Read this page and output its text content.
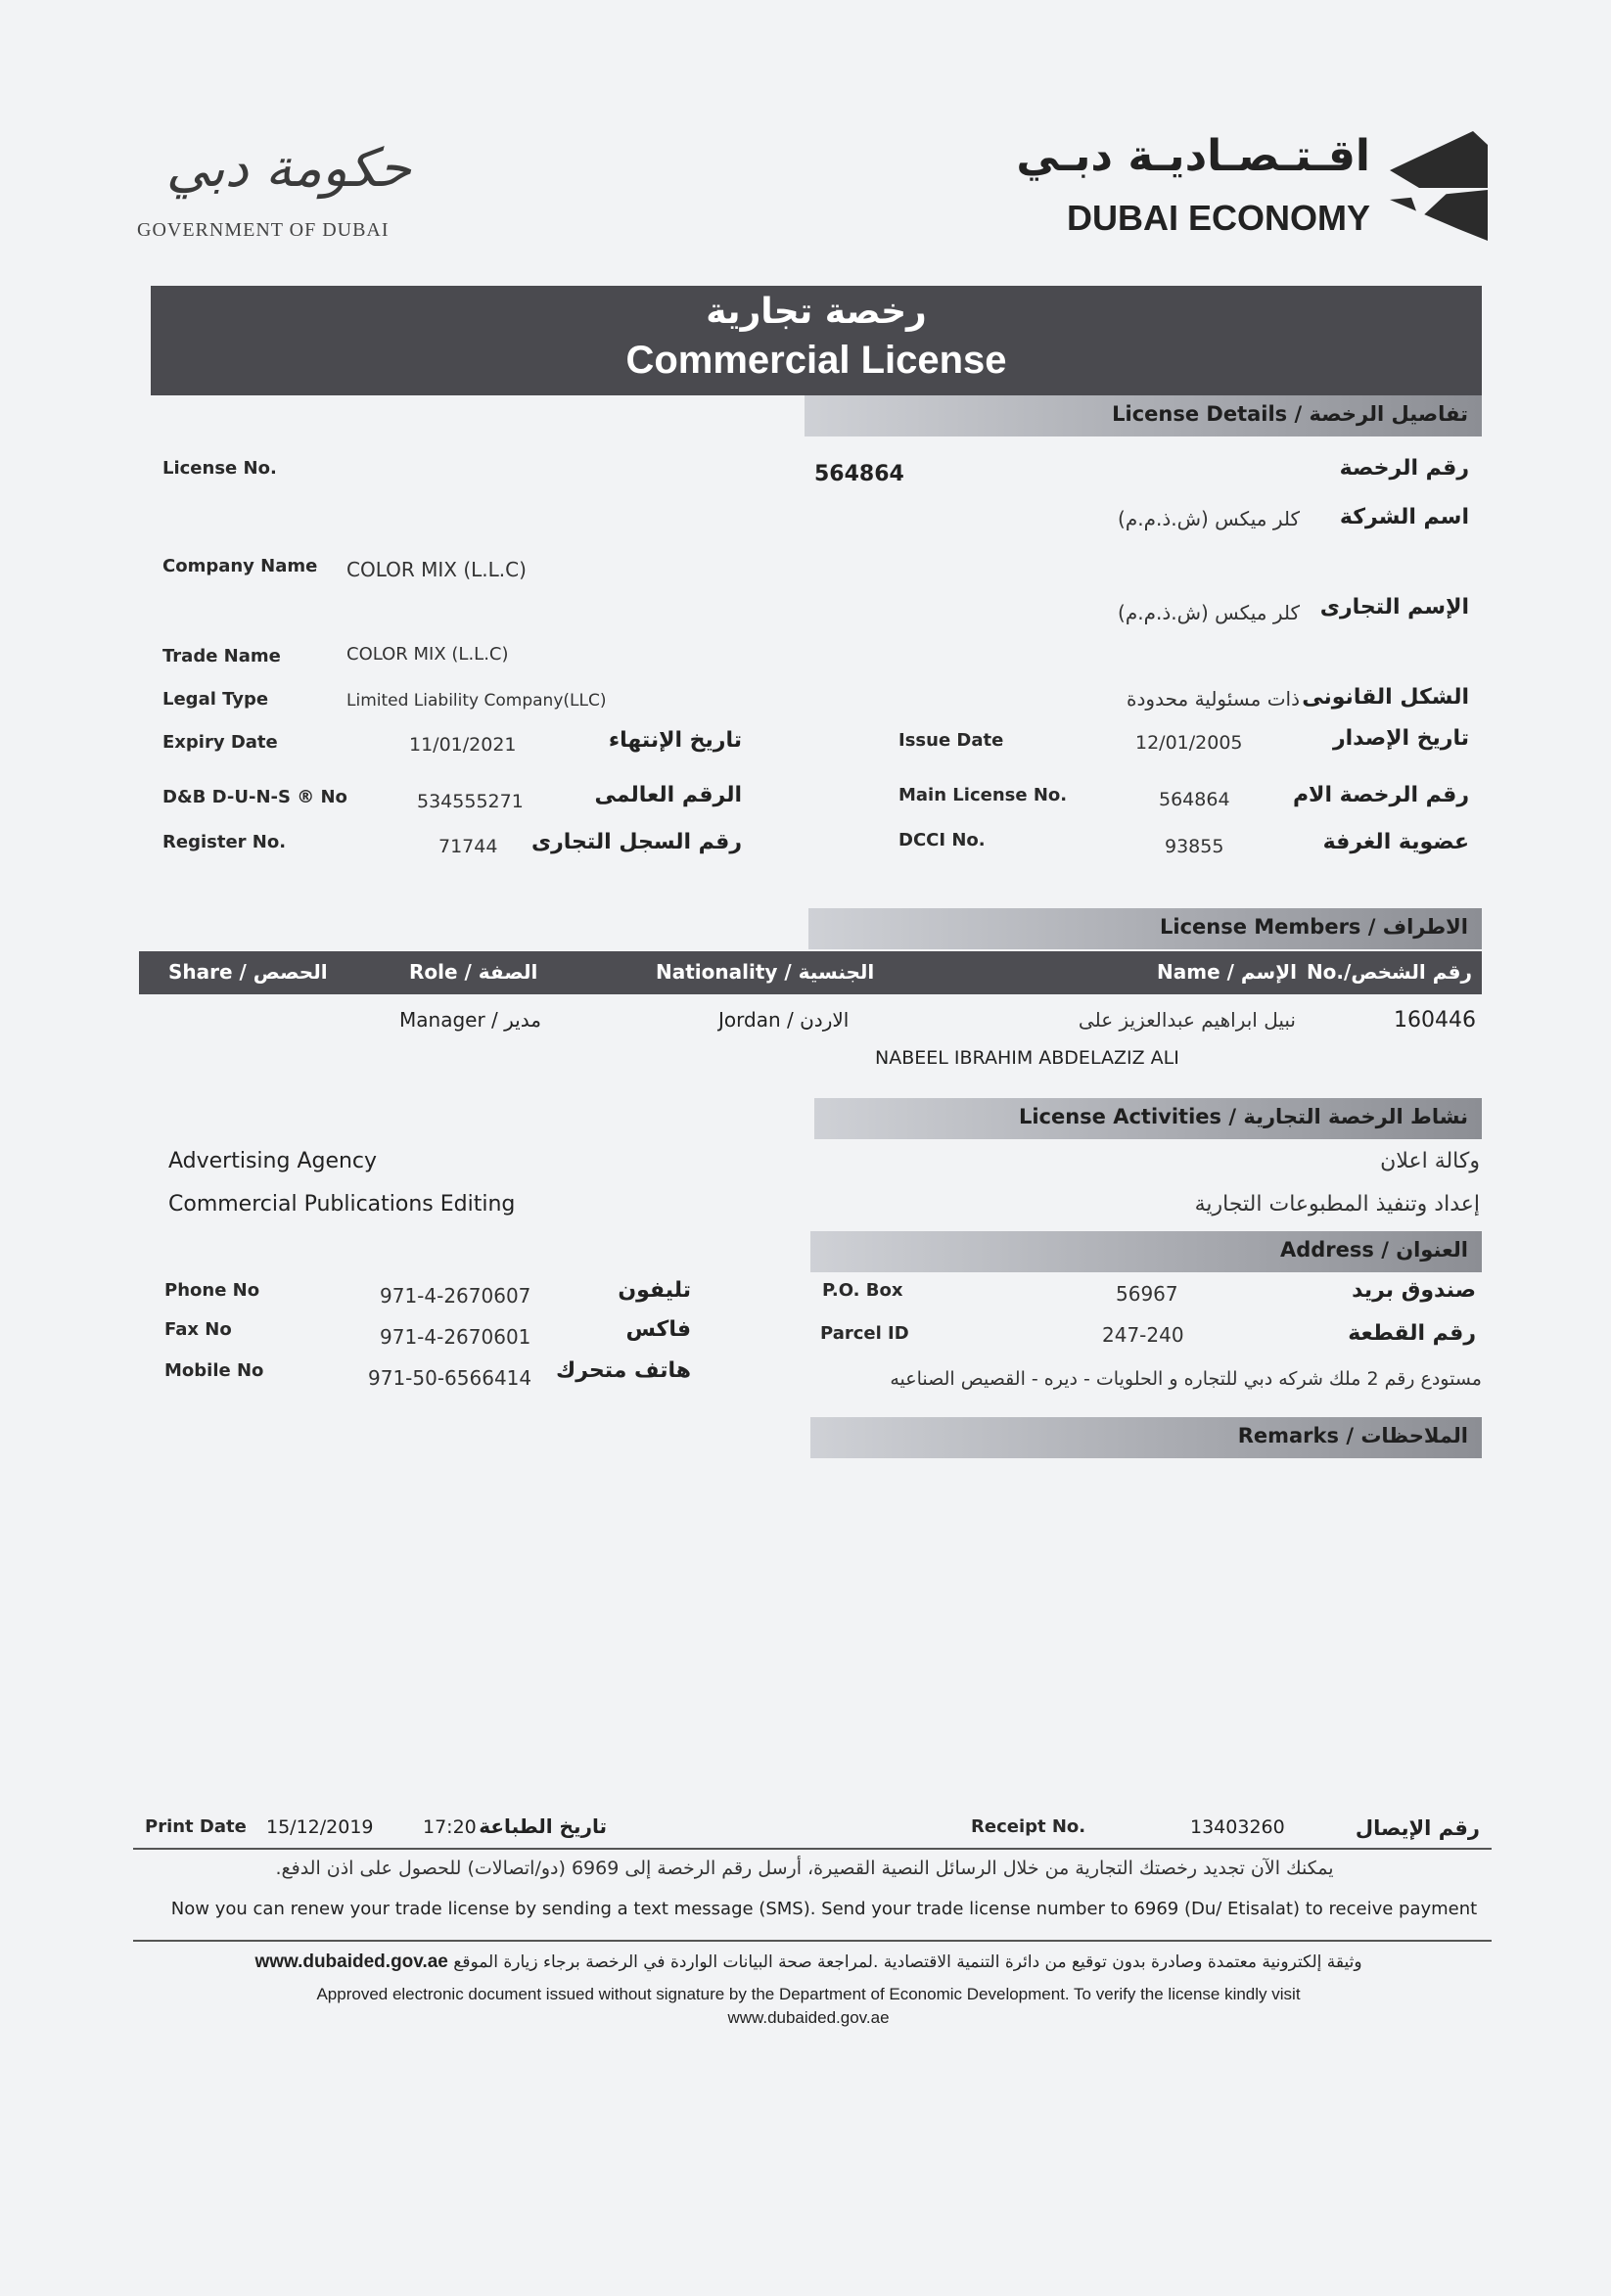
حكومة دبي
GOVERNMENT OF DUBAI
اقـتـصـاديـة دبـي
DUBAI ECONOMY
رخصة تجارية
Commercial License
License Details / تفاصيل الرخصة
License No.	564864	رقم الرخصة
كلر ميكس (ش.ذ.م.م) اسم الشركة
Company Name COLOR MIX (L.L.C)
كلر ميكس (ش.ذ.م.م) الإسم التجارى
Trade Name	COLOR MIX (L.L.C)
Legal Type	Limited Liability Company(LLC)	ذات مسئولية محدودة الشكل القانونى
Expiry Date	11/01/2021	تاريخ الإنتهاء	Issue Date	12/01/2005	تاريخ الإصدار
D&B D-U-N-S ® No	534555271	الرقم العالمى	Main License No.	564864	رقم الرخصة الام
Register No.	71744 رقم السجل التجارى	DCCI No.	93855	عضوية الغرفة
License Members / الاطراف
Share / الحصص	Role / الصفة	Nationality / الجنسية	Name / الإسم No./رقم الشخص
Manager / مدير	Jordan / الاردن	نبيل ابراهيم عبدالعزيز على	160446
NABEEL IBRAHIM ABDELAZIZ ALI
License Activities / نشاط الرخصة التجارية
Advertising Agency	وكالة اعلان
Commercial Publications Editing	إعداد وتنفيذ المطبوعات التجارية
Address / العنوان
Phone No	971-4-2670607	تليفون	P.O. Box	56967	صندوق بريد
Fax No	971-4-2670601	فاكس	Parcel ID	247-240	رقم القطعة
Mobile No	971-50-6566414 هاتف متحرك	مستودع رقم 2 ملك شركه دبي للتجاره و الحلويات - ديره - القصيص الصناعيه
Remarks / الملاحظات
Print Date 15/12/2019	17:20 تاريخ الطباعة	Receipt No.	13403260	رقم الإيصال
يمكنك الآن تجديد رخصتك التجارية من خلال الرسائل النصية القصيرة، أرسل رقم الرخصة إلى 6969 (دو/اتصالات) للحصول على اذن الدفع.
Now you can renew your trade license by sending a text message (SMS). Send your trade license number to 6969 (Du/ Etisalat) to receive payment
www.dubaided.gov.ae وثيقة إلكترونية معتمدة وصادرة بدون توقيع من دائرة التنمية الاقتصادية .لمراجعة صحة البيانات الواردة في الرخصة برجاء زيارة الموقع
Approved electronic document issued without signature by the Department of Economic Development. To verify the license kindly visit
www.dubaided.gov.ae
